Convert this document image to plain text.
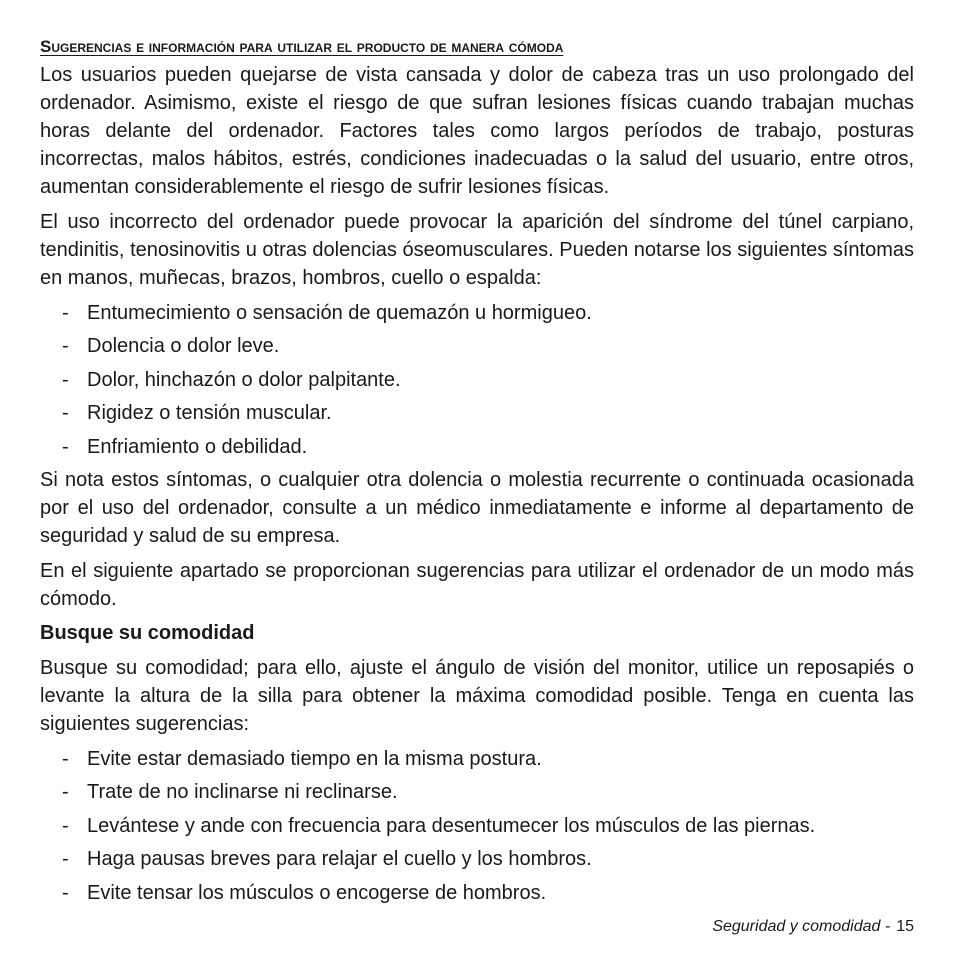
Sugerencias e información para utilizar el producto de manera cómoda

Los usuarios pueden quejarse de vista cansada y dolor de cabeza tras un uso prolongado del ordenador. Asimismo, existe el riesgo de que sufran lesiones físicas cuando trabajan muchas horas delante del ordenador. Factores tales como largos períodos de trabajo, posturas incorrectas, malos hábitos, estrés, condiciones inadecuadas o la salud del usuario, entre otros, aumentan considerablemente el riesgo de sufrir lesiones físicas.

El uso incorrecto del ordenador puede provocar la aparición del síndrome del túnel carpiano, tendinitis, tenosinovitis u otras dolencias óseomusculares. Pueden notarse los siguientes síntomas en manos, muñecas, brazos, hombros, cuello o espalda:

- Entumecimiento o sensación de quemazón u hormigueo.
- Dolencia o dolor leve.
- Dolor, hinchazón o dolor palpitante.
- Rigidez o tensión muscular.
- Enfriamiento o debilidad.

Si nota estos síntomas, o cualquier otra dolencia o molestia recurrente o continuada ocasionada por el uso del ordenador, consulte a un médico inmediatamente e informe al departamento de seguridad y salud de su empresa.

En el siguiente apartado se proporcionan sugerencias para utilizar el ordenador de un modo más cómodo.

Busque su comodidad

Busque su comodidad; para ello, ajuste el ángulo de visión del monitor, utilice un reposapiés o levante la altura de la silla para obtener la máxima comodidad posible. Tenga en cuenta las siguientes sugerencias:

- Evite estar demasiado tiempo en la misma postura.
- Trate de no inclinarse ni reclinarse.
- Levántese y ande con frecuencia para desentumecer los músculos de las piernas.
- Haga pausas breves para relajar el cuello y los hombros.
- Evite tensar los músculos o encogerse de hombros.
Seguridad y comodidad - 15
